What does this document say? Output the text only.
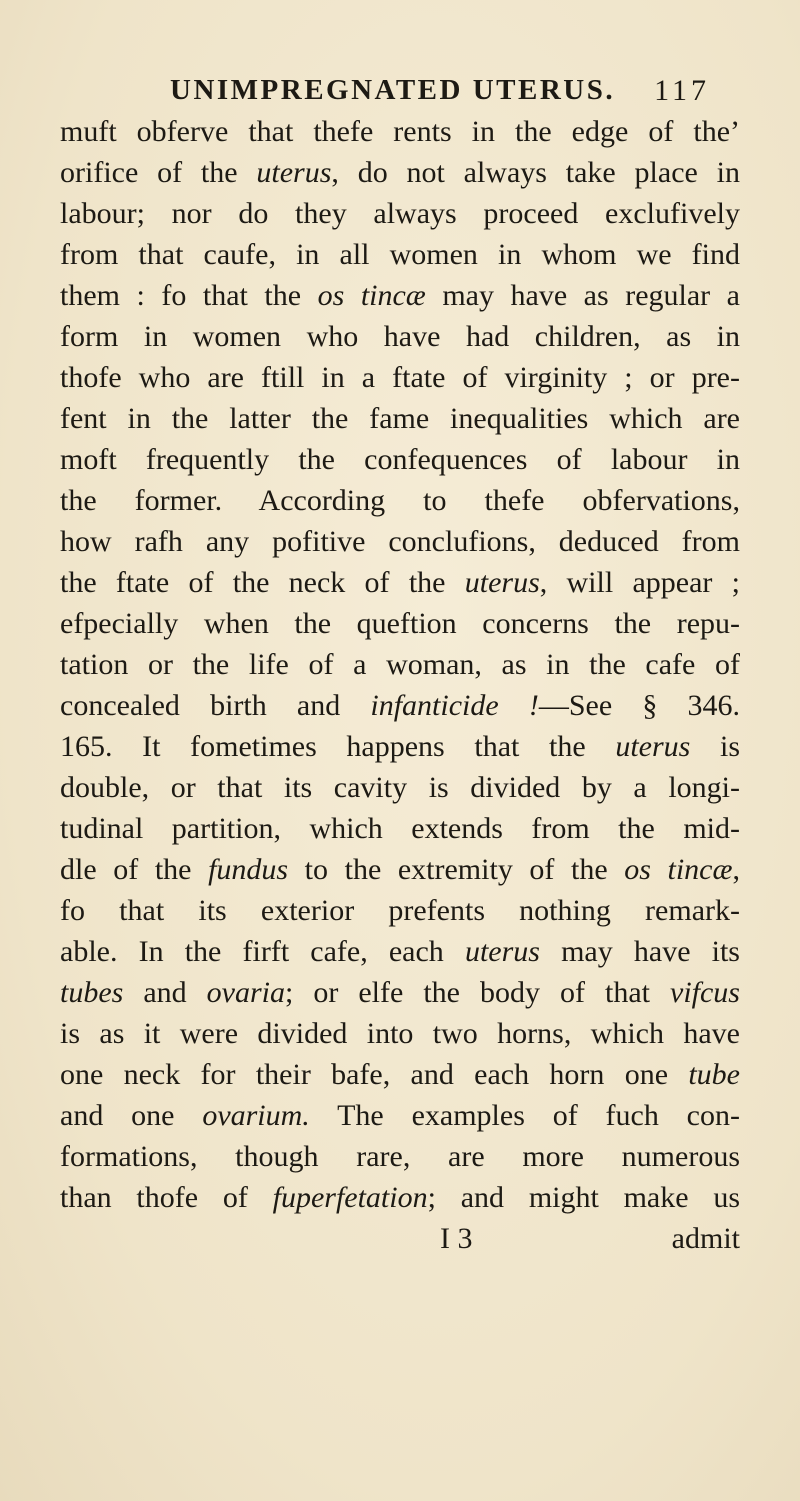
UNIMPREGNATED UTERUS. 117
muft obferve that thefe rents in the edge of the’
orifice of the uterus, do not always take place in
labour; nor do they always proceed exclufively
from that caufe, in all women in whom we find
them : fo that the os tincæ may have as regular a
form in women who have had children, as in
thofe who are ftill in a ftate of virginity ; or pre-
fent in the latter the fame inequalities which are
moft frequently the confequences of labour in
the former. According to thefe obfervations,
how rafh any pofitive conclufions, deduced from
the ftate of the neck of the uterus, will appear ;
efpecially when the queftion concerns the repu-
tation or the life of a woman, as in the cafe of
concealed birth and infanticide !—See § 346.
165. It fometimes happens that the uterus is
double, or that its cavity is divided by a longi-
tudinal partition, which extends from the mid-
dle of the fundus to the extremity of the os tincæ,
fo that its exterior prefents nothing remark-
able. In the firft cafe, each uterus may have its
tubes and ovaria; or elfe the body of that vifcus
is as it were divided into two horns, which have
one neck for their bafe, and each horn one tube
and one ovarium. The examples of fuch con-
formations, though rare, are more numerous
than thofe of fuperfetation; and might make us
I 3	admit
